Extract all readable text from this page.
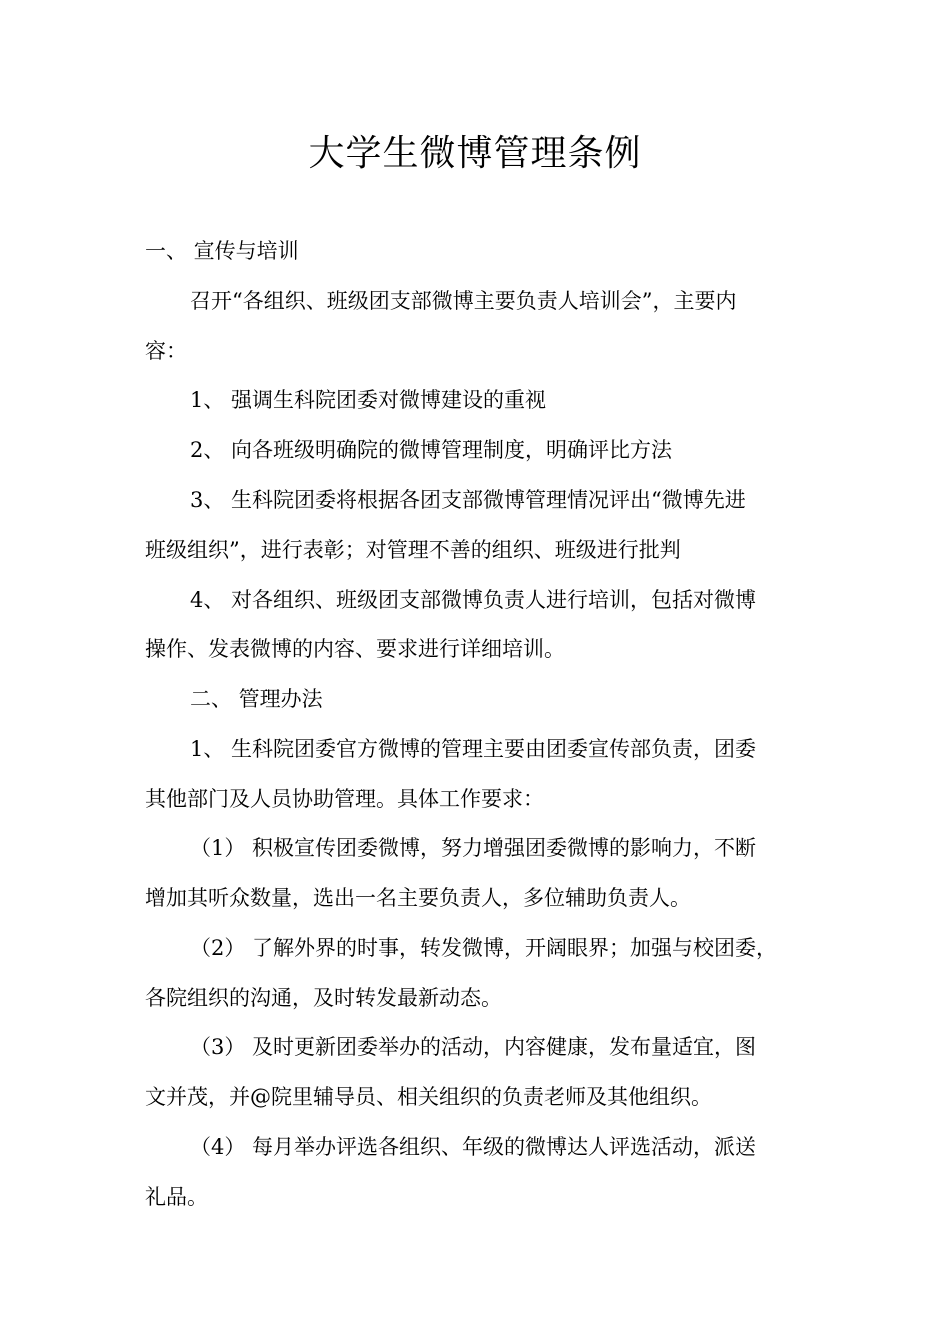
大学生微博管理条例
一、 宣传与培训
召开“各组织、班级团支部微博主要负责人培训会”，主要内
容：
1、 强调生科院团委对微博建设的重视
2、 向各班级明确院的微博管理制度，明确评比方法
3、 生科院团委将根据各团支部微博管理情况评出“微博先进
班级组织”，进行表彰；对管理不善的组织、班级进行批判
4、 对各组织、班级团支部微博负责人进行培训，包括对微博
操作、发表微博的内容、要求进行详细培训。
二、 管理办法
1、 生科院团委官方微博的管理主要由团委宣传部负责，团委
其他部门及人员协助管理。具体工作要求：
（1） 积极宣传团委微博，努力增强团委微博的影响力，不断
增加其听众数量，选出一名主要负责人，多位辅助负责人。
（2） 了解外界的时事，转发微博，开阔眼界；加强与校团委，
各院组织的沟通，及时转发最新动态。
（3） 及时更新团委举办的活动，内容健康，发布量适宜，图
文并茂，并@院里辅导员、相关组织的负责老师及其他组织。
（4） 每月举办评选各组织、年级的微博达人评选活动，派送
礼品。
